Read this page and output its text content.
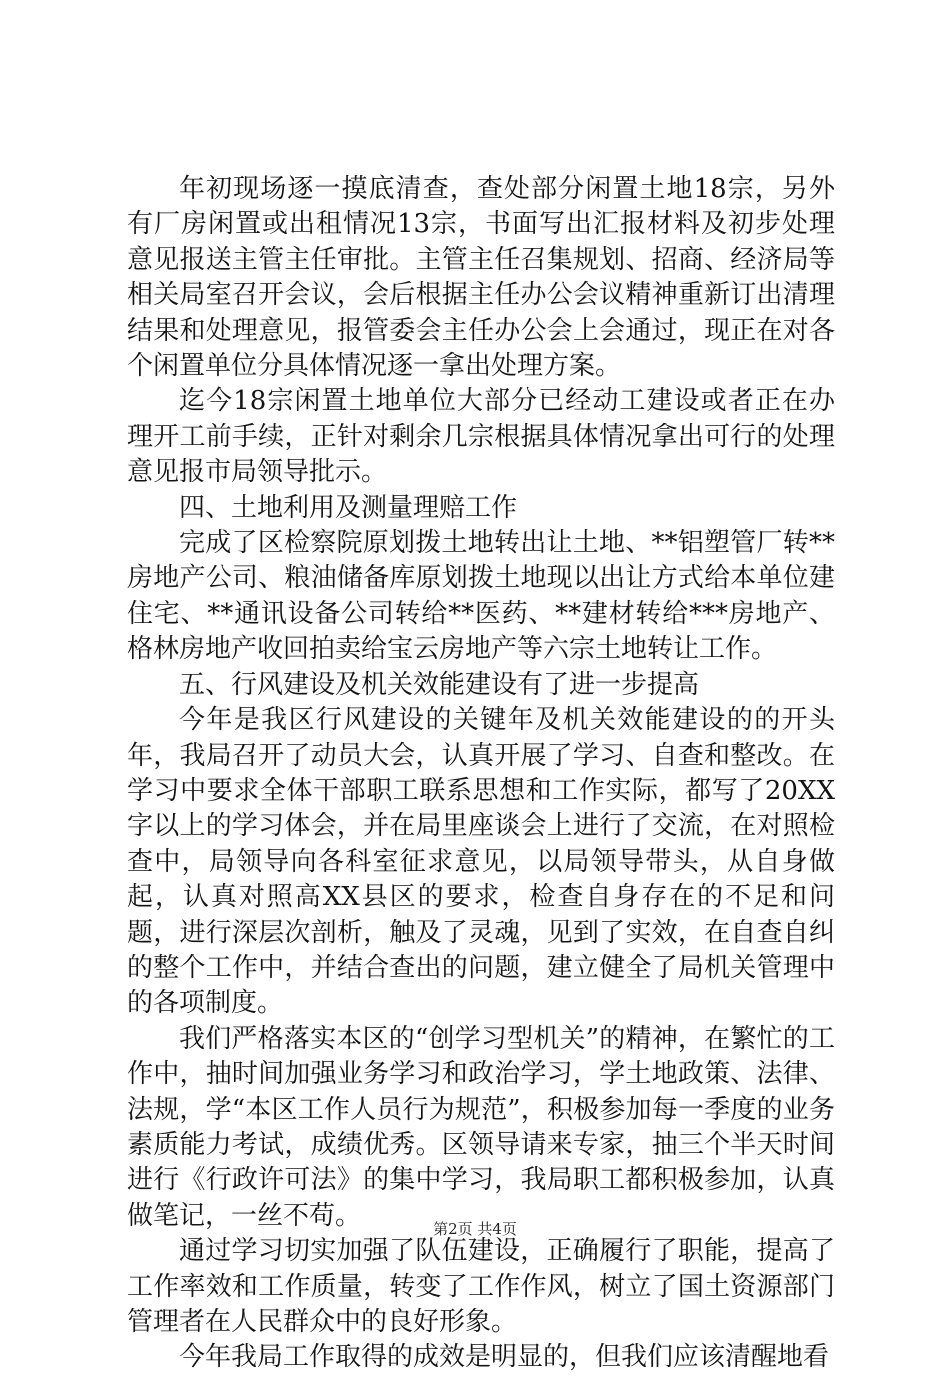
年初现场逐一摸底清查，查处部分闲置土地18宗，另外有厂房闲置或出租情况13宗，书面写出汇报材料及初步处理意见报送主管主任审批。主管主任召集规划、招商、经济局等相关局室召开会议，会后根据主任办公会议精神重新订出清理结果和处理意见，报管委会主任办公会上会通过，现正在对各个闲置单位分具体情况逐一拿出处理方案。

迄今18宗闲置土地单位大部分已经动工建设或者正在办理开工前手续，正针对剩余几宗根据具体情况拿出可行的处理意见报市局领导批示。

四、土地利用及测量理赔工作

完成了区检察院原划拨土地转出让土地、**铝塑管厂转**房地产公司、粮油储备库原划拨土地现以出让方式给本单位建住宅、**通讯设备公司转给**医药、**建材转给***房地产、格林房地产收回拍卖给宝云房地产等六宗土地转让工作。

五、行风建设及机关效能建设有了进一步提高

今年是我区行风建设的关键年及机关效能建设的的开头年，我局召开了动员大会，认真开展了学习、自查和整改。在学习中要求全体干部职工联系思想和工作实际，都写了20XX字以上的学习体会，并在局里座谈会上进行了交流，在对照检查中，局领导向各科室征求意见，以局领导带头，从自身做起，认真对照高XX县区的要求，检查自身存在的不足和问题，进行深层次剖析，触及了灵魂，见到了实效，在自查自纠的整个工作中，并结合查出的问题，建立健全了局机关管理中的各项制度。

我们严格落实本区的“创学习型机关”的精神，在繁忙的工作中，抽时间加强业务学习和政治学习，学土地政策、法律、法规，学“本区工作人员行为规范”，积极参加每一季度的业务素质能力考试，成绩优秀。区领导请来专家，抽三个半天时间进行《行政许可法》的集中学习，我局职工都积极参加，认真做笔记，一丝不苟。

通过学习切实加强了队伍建设，正确履行了职能，提高了工作率效和工作质量，转变了工作作风，树立了国土资源部门管理者在人民群众中的良好形象。

今年我局工作取得的成效是明显的，但我们应该清醒地看

第2页 共4页
